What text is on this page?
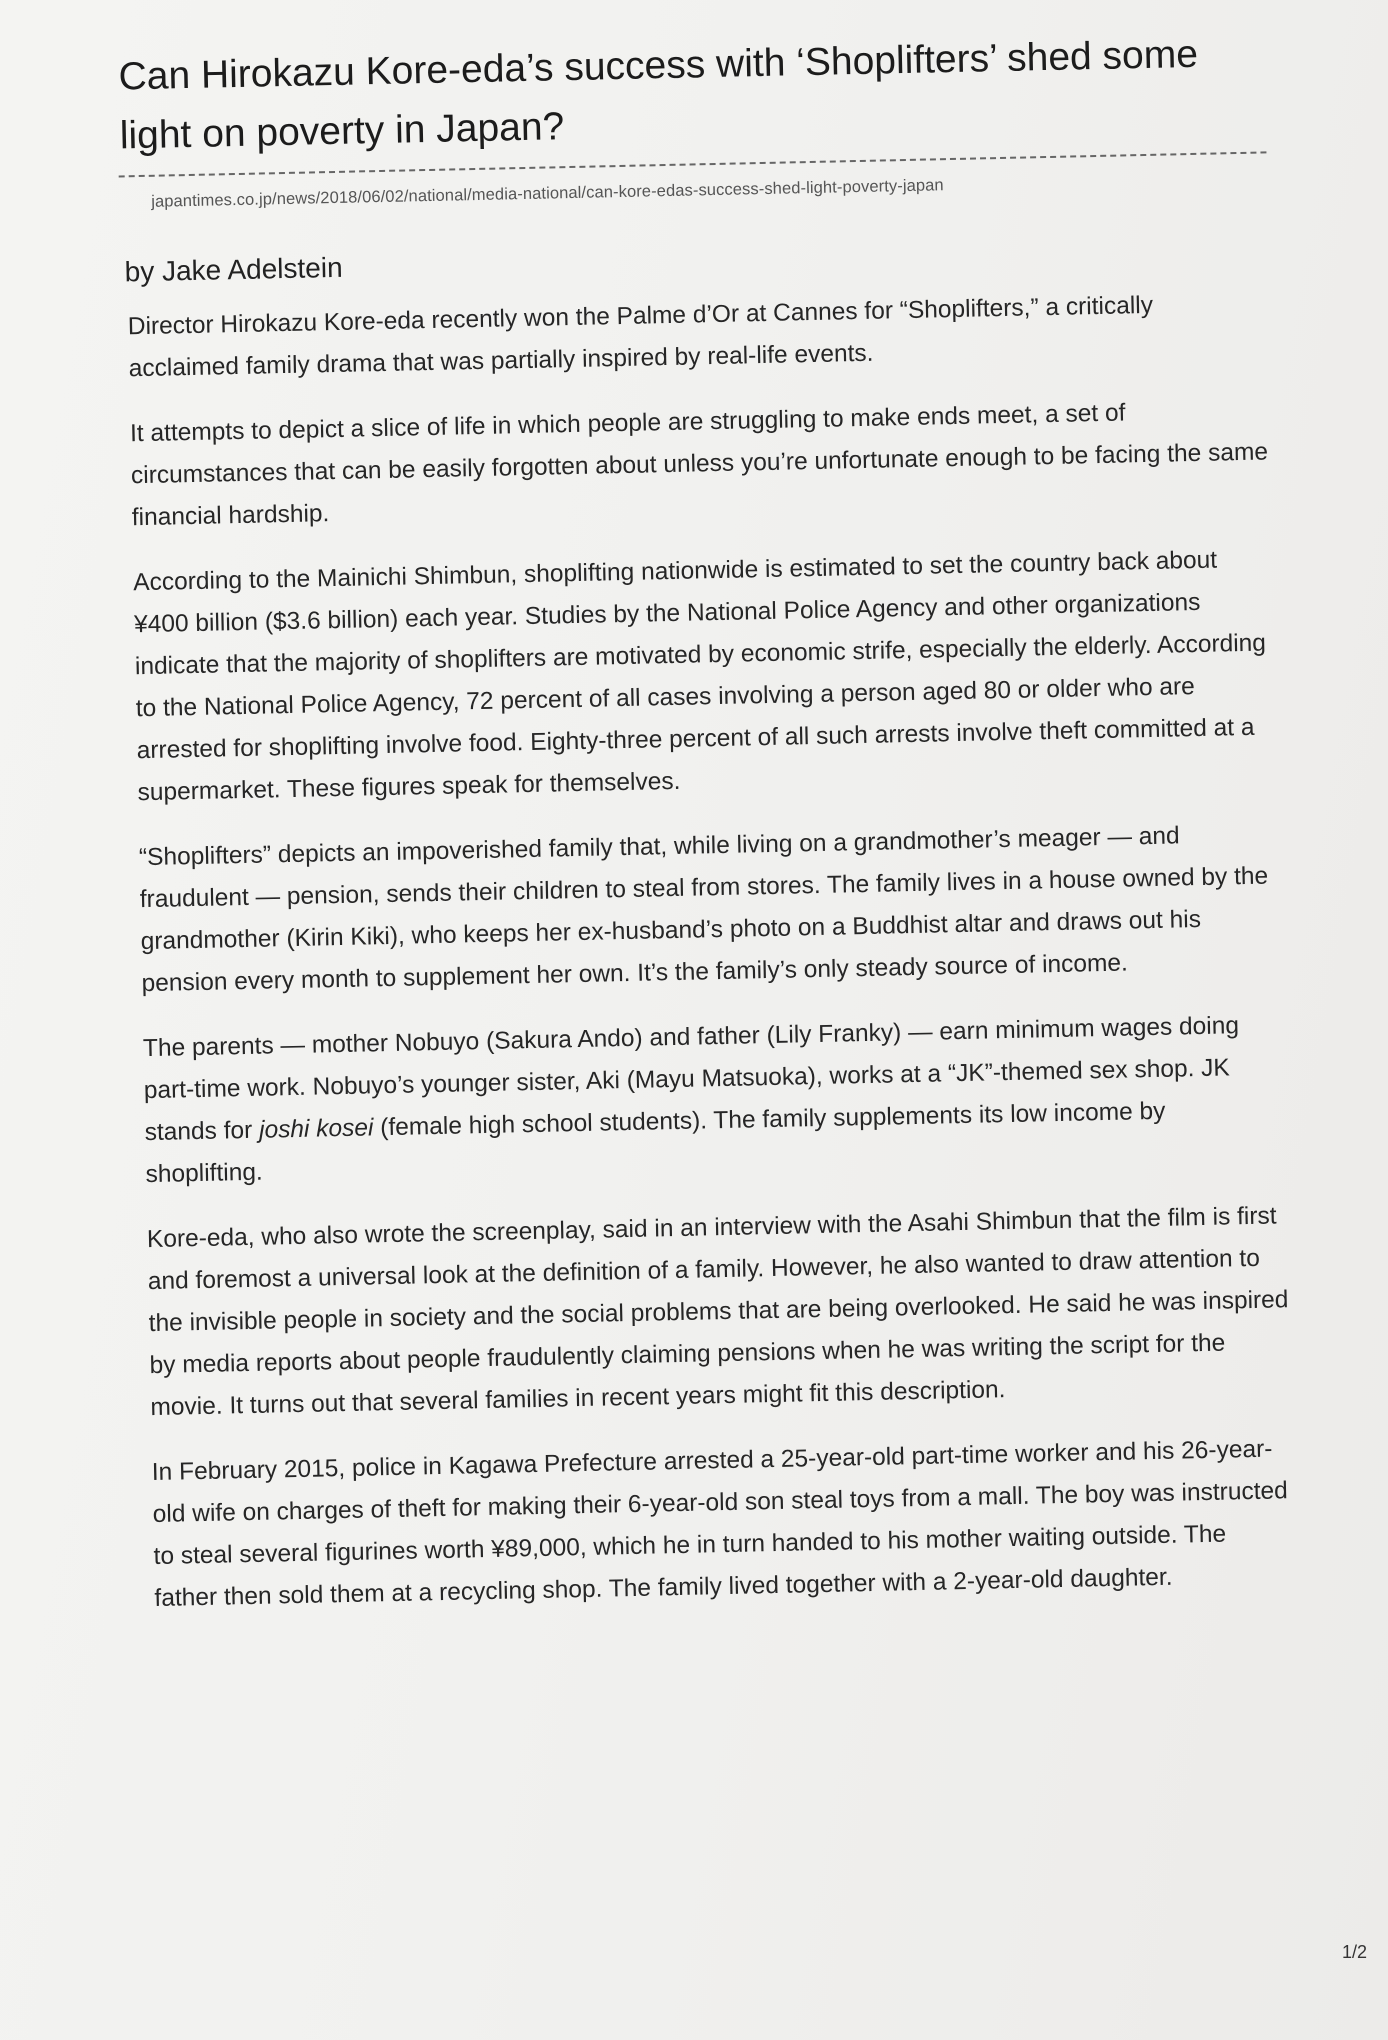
Can Hirokazu Kore-eda’s success with ‘Shoplifters’ shed some light on poverty in Japan?
japantimes.co.jp/news/2018/06/02/national/media-national/can-kore-edas-success-shed-light-poverty-japan
by Jake Adelstein

Director Hirokazu Kore-eda recently won the Palme d’Or at Cannes for “Shoplifters,” a critically acclaimed family drama that was partially inspired by real-life events.

It attempts to depict a slice of life in which people are struggling to make ends meet, a set of circumstances that can be easily forgotten about unless you’re unfortunate enough to be facing the same financial hardship.

According to the Mainichi Shimbun, shoplifting nationwide is estimated to set the country back about ¥400 billion ($3.6 billion) each year. Studies by the National Police Agency and other organizations indicate that the majority of shoplifters are motivated by economic strife, especially the elderly. According to the National Police Agency, 72 percent of all cases involving a person aged 80 or older who are arrested for shoplifting involve food. Eighty-three percent of all such arrests involve theft committed at a supermarket. These figures speak for themselves.

“Shoplifters” depicts an impoverished family that, while living on a grandmother’s meager — and fraudulent — pension, sends their children to steal from stores. The family lives in a house owned by the grandmother (Kirin Kiki), who keeps her ex-husband’s photo on a Buddhist altar and draws out his pension every month to supplement her own. It’s the family’s only steady source of income.

The parents — mother Nobuyo (Sakura Ando) and father (Lily Franky) — earn minimum wages doing part-time work. Nobuyo’s younger sister, Aki (Mayu Matsuoka), works at a “JK”-themed sex shop. JK stands for joshi kosei (female high school students). The family supplements its low income by shoplifting.

Kore-eda, who also wrote the screenplay, said in an interview with the Asahi Shimbun that the film is first and foremost a universal look at the definition of a family. However, he also wanted to draw attention to the invisible people in society and the social problems that are being overlooked. He said he was inspired by media reports about people fraudulently claiming pensions when he was writing the script for the movie. It turns out that several families in recent years might fit this description.

In February 2015, police in Kagawa Prefecture arrested a 25-year-old part-time worker and his 26-year-old wife on charges of theft for making their 6-year-old son steal toys from a mall. The boy was instructed to steal several figurines worth ¥89,000, which he in turn handed to his mother waiting outside. The father then sold them at a recycling shop. The family lived together with a 2-year-old daughter.

1/2
